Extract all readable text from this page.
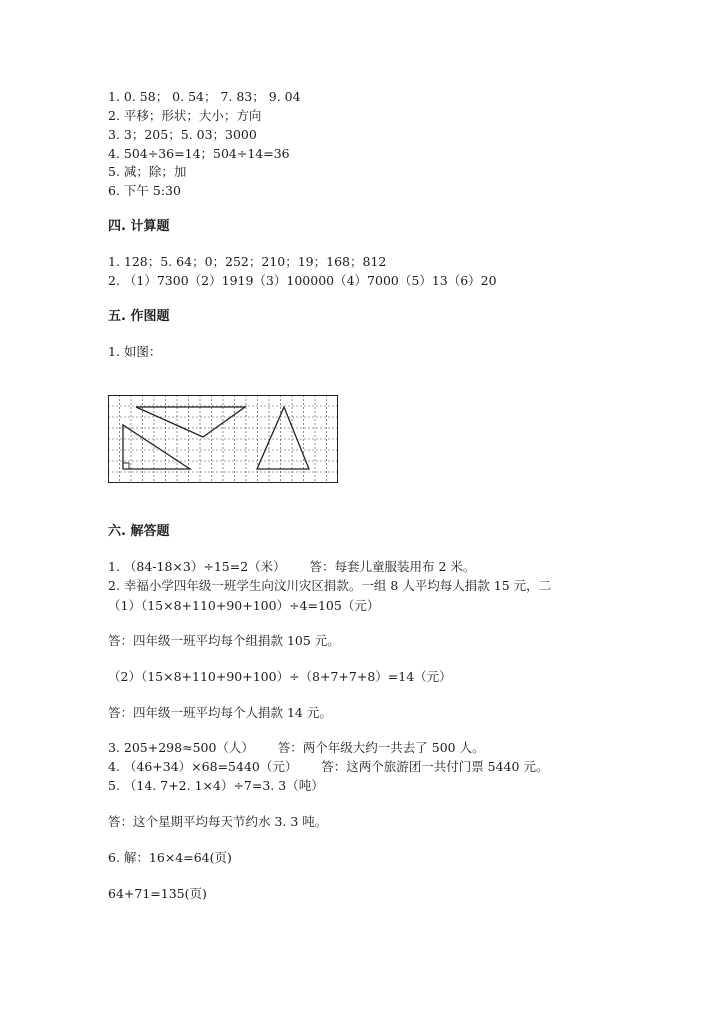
1. 0. 58； 0. 54； 7. 83； 9. 04
2. 平移；形状；大小；方向
3. 3；205；5. 03；3000
4. 504÷36=14；504÷14=36
5. 减；除；加
6. 下午 5:30
四. 计算题
1. 128；5. 64；0；252；210；19；168；812
2. （1）7300（2）1919（3）100000（4）7000（5）13（6）20
五. 作图题
1. 如图：
六. 解答题
1. （84-18×3）÷15=2（米）      答：每套儿童服装用布 2 米。
2. 幸福小学四年级一班学生向汶川灾区捐款。一组 8 人平均每人捐款 15 元，二
（1）（15×8+110+90+100）÷4=105（元）
答：四年级一班平均每个组捐款 105 元。
（2）（15×8+110+90+100）÷（8+7+7+8）=14（元）
答：四年级一班平均每个人捐款 14 元。
3. 205+298≈500（人）      答：两个年级大约一共去了 500 人。
4. （46+34）×68=5440（元）      答：这两个旅游团一共付门票 5440 元。
5. （14. 7+2. 1×4）÷7=3. 3（吨）
答：这个星期平均每天节约水 3. 3 吨。
6. 解：16×4=64(页)
64+71=135(页)
